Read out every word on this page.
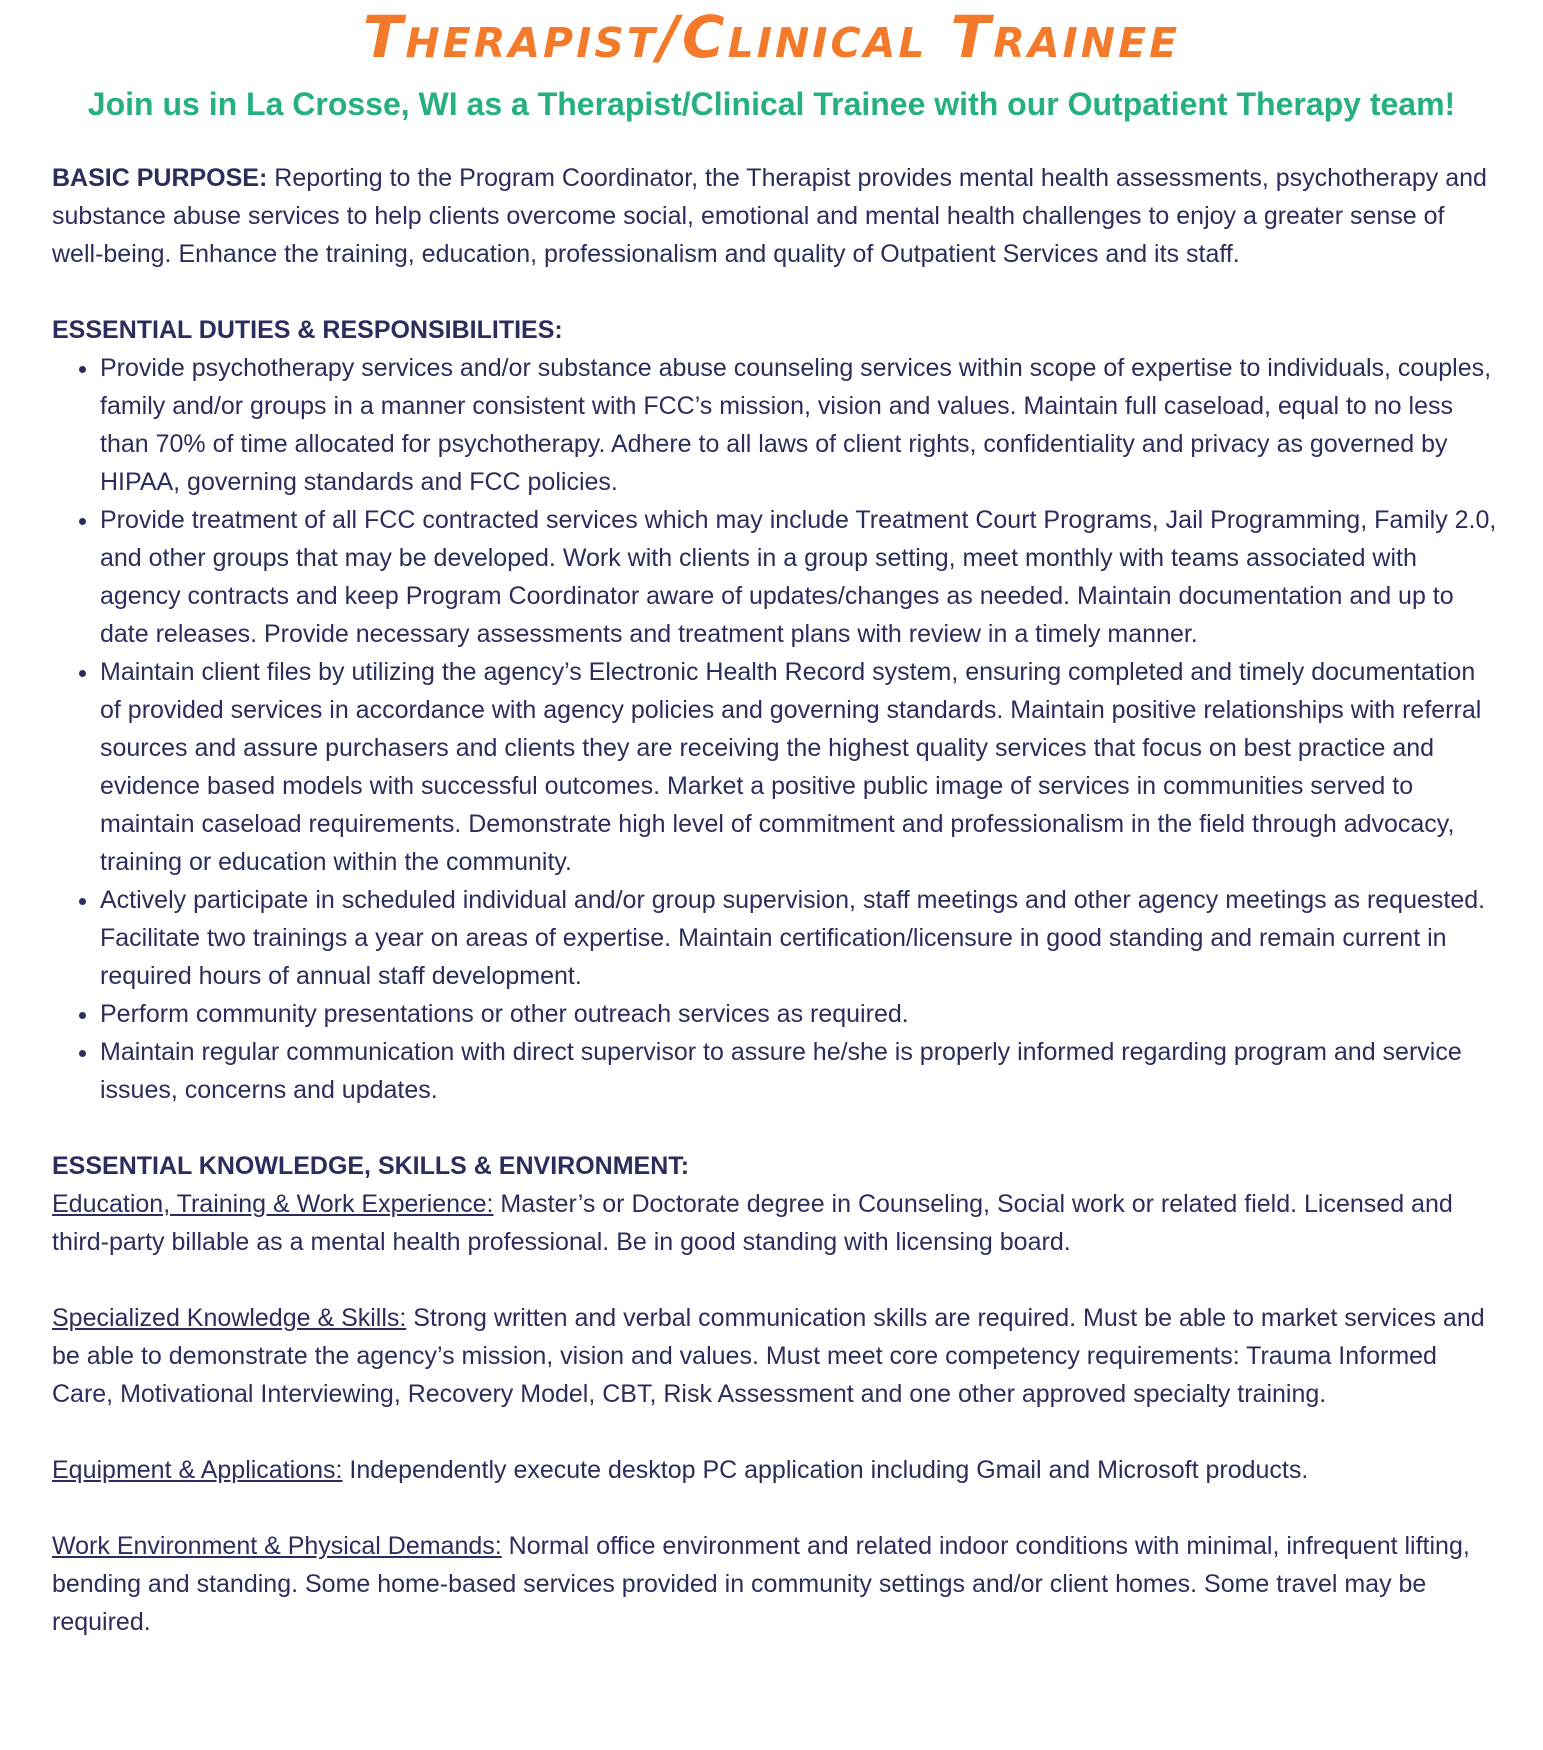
Therapist/Clinical Trainee
Join us in La Crosse, WI as a Therapist/Clinical Trainee with our Outpatient Therapy team!

BASIC PURPOSE: Reporting to the Program Coordinator, the Therapist provides mental health assessments, psychotherapy and substance abuse services to help clients overcome social, emotional and mental health challenges to enjoy a greater sense of well-being. Enhance the training, education, professionalism and quality of Outpatient Services and its staff.

ESSENTIAL DUTIES & RESPONSIBILITIES:

• Provide psychotherapy services and/or substance abuse counseling services within scope of expertise to individuals, couples, family and/or groups in a manner consistent with FCC’s mission, vision and values. Maintain full caseload, equal to no less than 70% of time allocated for psychotherapy. Adhere to all laws of client rights, confidentiality and privacy as governed by HIPAA, governing standards and FCC policies.
• Provide treatment of all FCC contracted services which may include Treatment Court Programs, Jail Programming, Family 2.0, and other groups that may be developed. Work with clients in a group setting, meet monthly with teams associated with agency contracts and keep Program Coordinator aware of updates/changes as needed. Maintain documentation and up to date releases. Provide necessary assessments and treatment plans with review in a timely manner.
• Maintain client files by utilizing the agency’s Electronic Health Record system, ensuring completed and timely documentation of provided services in accordance with agency policies and governing standards. Maintain positive relationships with referral sources and assure purchasers and clients they are receiving the highest quality services that focus on best practice and evidence based models with successful outcomes. Market a positive public image of services in communities served to maintain caseload requirements. Demonstrate high level of commitment and professionalism in the field through advocacy, training or education within the community.
• Actively participate in scheduled individual and/or group supervision, staff meetings and other agency meetings as requested. Facilitate two trainings a year on areas of expertise. Maintain certification/licensure in good standing and remain current in required hours of annual staff development.
• Perform community presentations or other outreach services as required.
• Maintain regular communication with direct supervisor to assure he/she is properly informed regarding program and service issues, concerns and updates.

ESSENTIAL KNOWLEDGE, SKILLS & ENVIRONMENT:

Education, Training & Work Experience: Master’s or Doctorate degree in Counseling, Social work or related field. Licensed and third-party billable as a mental health professional. Be in good standing with licensing board.

Specialized Knowledge & Skills: Strong written and verbal communication skills are required. Must be able to market services and be able to demonstrate the agency’s mission, vision and values. Must meet core competency requirements: Trauma Informed Care, Motivational Interviewing, Recovery Model, CBT, Risk Assessment and one other approved specialty training.

Equipment & Applications: Independently execute desktop PC application including Gmail and Microsoft products.

Work Environment & Physical Demands: Normal office environment and related indoor conditions with minimal, infrequent lifting, bending and standing. Some home-based services provided in community settings and/or client homes. Some travel may be required.
